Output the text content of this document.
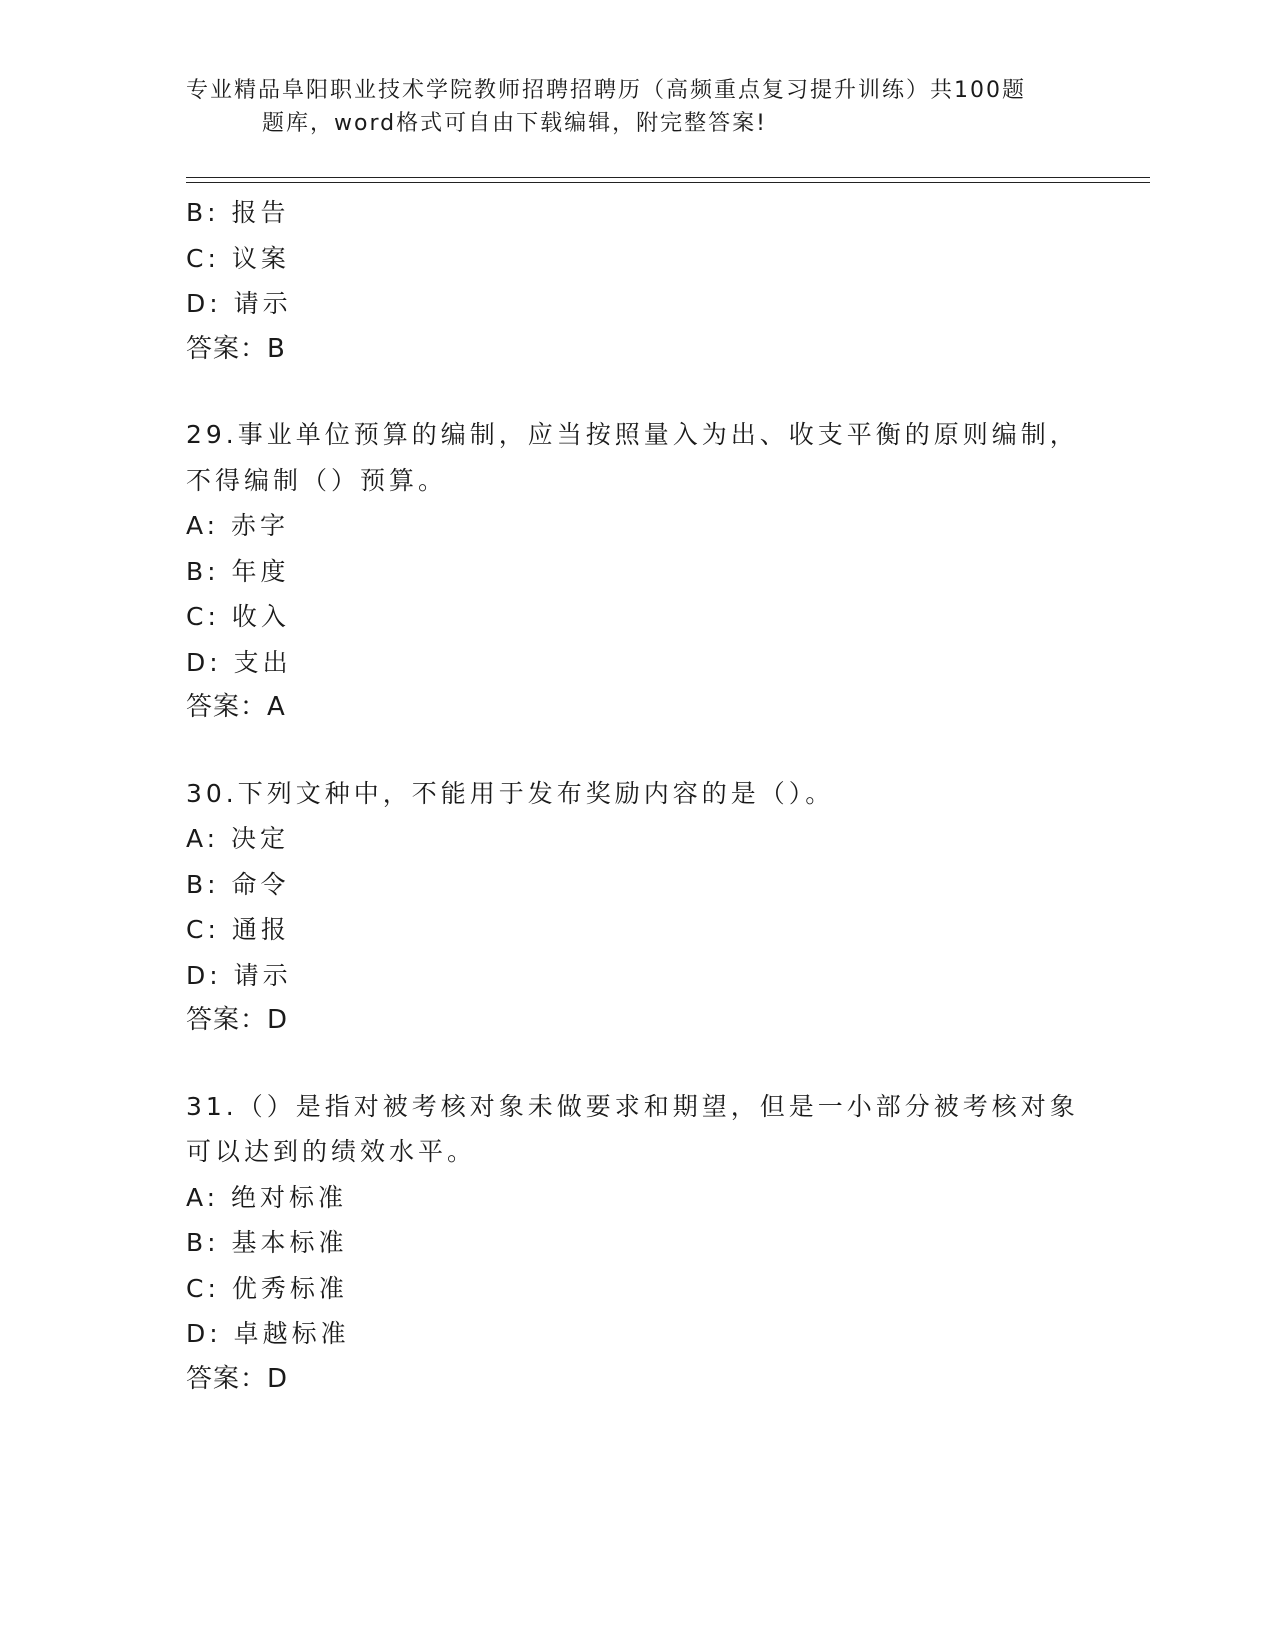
专业精品阜阳职业技术学院教师招聘招聘历（高频重点复习提升训练）共100题
题库，word格式可自由下载编辑，附完整答案!
B: 报告
C: 议案
D: 请示
答案：B
29.事业单位预算的编制，应当按照量入为出、收支平衡的原则编制，
不得编制（）预算。
A: 赤字
B: 年度
C: 收入
D: 支出
答案：A
30.下列文种中，不能用于发布奖励内容的是（）。
A: 决定
B: 命令
C: 通报
D: 请示
答案：D
31.（）是指对被考核对象未做要求和期望，但是一小部分被考核对象
可以达到的绩效水平。
A: 绝对标准
B: 基本标准
C: 优秀标准
D: 卓越标准
答案：D
